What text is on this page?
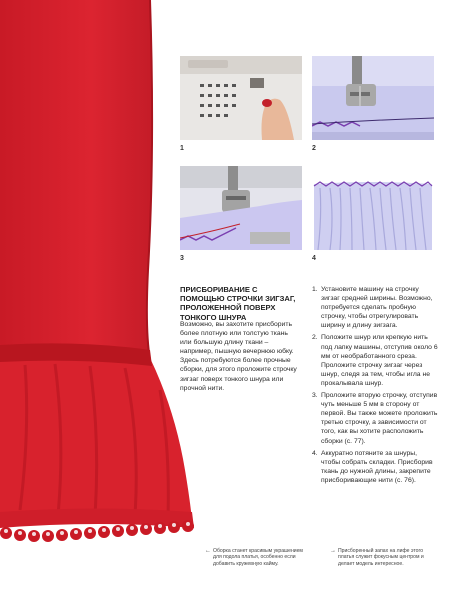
1	2
3	4
ПРИСБОРИВАНИЕ С ПОМОЩЬЮ СТРОЧКИ ЗИГЗАГ, ПРОЛОЖЕННОЙ ПОВЕРХ ТОНКОГО ШНУРА
Возможно, вы захотите присборить более плотную или толстую ткань или большую длину ткани – например, пышную вечернюю юбку. Здесь потребуются более прочные сборки, для этого проложите строчку зигзаг поверх тонкого шнура или прочной нити.
1. Установите машину на строчку зигзаг средней ширины. Возможно, потребуется сделать пробную строчку, чтобы отрегулировать ширину и длину зигзага.
2. Положите шнур или крепкую нить под лапку машины, отступив около 6 мм от необработанного среза. Проложите строчку зигзаг через шнур, следя за тем, чтобы игла не прокалывала шнур.
3. Проложите вторую строчку, отступив чуть меньше 5 мм в сторону от первой. Вы также можете проложить третью строчку, а зависимости от того, как вы хотите расположить сборки (с. 77).
4. Аккуратно потяните за шнуры, чтобы собрать складки. Присборив ткань до нужной длины, закрепите присборивающие нити (с. 76).
← Оборка станет красивым украшением для подола платья, особенно если добавить кружевную кайму.
→ Присборенный запах на лифе этого платья служит фокусным центром и делает модель интересное.
